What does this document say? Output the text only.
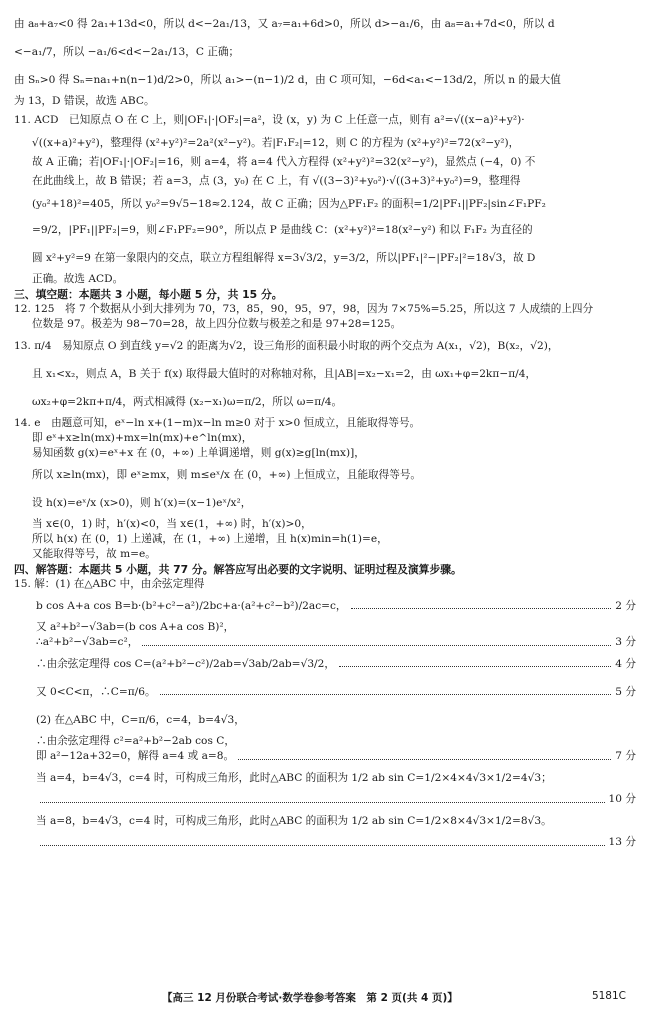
由 a₈+a₇<0 得 2a₁+13d<0，所以 d<−2a₁/13，又 a₇=a₁+6d>0，所以 d>−a₁/6，由 a₈=a₁+7d<0，所以 d
<−a₁/7，所以 −a₁/6<d<−2a₁/13，C 正确；
由 Sₙ>0 得 Sₙ=na₁+n(n−1)d/2>0，所以 a₁>−(n−1)/2 d，由 C 项可知，−6d<a₁<−13d/2，所以 n 的最大值
为 13，D 错误，故选 ABC。
11. ACD　已知原点 O 在 C 上，则|OF₁|·|OF₂|=a²，设 (x，y) 为 C 上任意一点，则有 a²=√((x−a)²+y²)·
√((x+a)²+y²)，整理得 (x²+y²)²=2a²(x²−y²)。若|F₁F₂|=12，则 C 的方程为 (x²+y²)²=72(x²−y²)，
故 A 正确；若|OF₁|·|OF₂|=16，则 a=4，将 a=4 代入方程得 (x²+y²)²=32(x²−y²)，显然点 (−4，0) 不
在此曲线上，故 B 错误；若 a=3，点 (3，y₀) 在 C 上，有 √((3−3)²+y₀²)·√((3+3)²+y₀²)=9，整理得
(y₀²+18)²=405，所以 y₀²=9√5−18≈2.124，故 C 正确；因为△PF₁F₂ 的面积=1/2|PF₁||PF₂|sin∠F₁PF₂
=9/2，|PF₁||PF₂|=9，则∠F₁PF₂=90°，所以点 P 是曲线 C：(x²+y²)²=18(x²−y²) 和以 F₁F₂ 为直径的
圆 x²+y²=9 在第一象限内的交点，联立方程组解得 x=3√3/2，y=3/2，所以|PF₁|²−|PF₂|²=18√3，故 D
正确。故选 ACD。
三、填空题：本题共 3 小题，每小题 5 分，共 15 分。
12. 125　将 7 个数据从小到大排列为 70，73，85，90，95，97，98，因为 7×75%=5.25，所以这 7 人成绩的上四分
位数是 97。极差为 98−70=28，故上四分位数与极差之和是 97+28=125。
13. π/4　易知原点 O 到直线 y=√2 的距离为√2，设三角形的面积最小时取的两个交点为 A(x₁，√2)，B(x₂，√2)，
且 x₁<x₂，则点 A，B 关于 f(x) 取得最大值时的对称轴对称，且|AB|=x₂−x₁=2，由 ωx₁+φ=2kπ−π/4，
ωx₂+φ=2kπ+π/4，两式相减得 (x₂−x₁)ω=π/2，所以 ω=π/4。
14. e　由题意可知，eˣ−ln x+(1−m)x−ln m≥0 对于 x>0 恒成立，且能取得等号。
即 eˣ+x≥ln(mx)+mx=ln(mx)+e^ln(mx)，
易知函数 g(x)=eˣ+x 在 (0，+∞) 上单调递增，则 g(x)≥g[ln(mx)]，
所以 x≥ln(mx)，即 eˣ≥mx，则 m≤eˣ/x 在 (0，+∞) 上恒成立，且能取得等号。
设 h(x)=eˣ/x (x>0)，则 h′(x)=(x−1)eˣ/x²，
当 x∈(0，1) 时，h′(x)<0，当 x∈(1，+∞) 时，h′(x)>0，
所以 h(x) 在 (0，1) 上递减，在 (1，+∞) 上递增，且 h(x)min=h(1)=e，
又能取得等号，故 m=e。
四、解答题：本题共 5 小题，共 77 分。解答应写出必要的文字说明、证明过程及演算步骤。
15. 解：(1) 在△ABC 中，由余弦定理得
b cos A+a cos B=b·(b²+c²−a²)/2bc+a·(a²+c²−b²)/2ac=c，	2 分
又 a²+b²−√3ab=(b cos A+a cos B)²，
∴a²+b²−√3ab=c²，	3 分
∴由余弦定理得 cos C=(a²+b²−c²)/2ab=√3ab/2ab=√3/2，	4 分
又 0<C<π，∴C=π/6。	5 分
(2) 在△ABC 中，C=π/6，c=4，b=4√3，
∴由余弦定理得 c²=a²+b²−2ab cos C，
即 a²−12a+32=0，解得 a=4 或 a=8。	7 分
当 a=4，b=4√3，c=4 时，可构成三角形，此时△ABC 的面积为 1/2 ab sin C=1/2×4×4√3×1/2=4√3；
10 分
当 a=8，b=4√3，c=4 时，可构成三角形，此时△ABC 的面积为 1/2 ab sin C=1/2×8×4√3×1/2=8√3。
13 分
【高三 12 月份联合考试·数学卷参考答案　第 2 页(共 4 页)】	5181C
